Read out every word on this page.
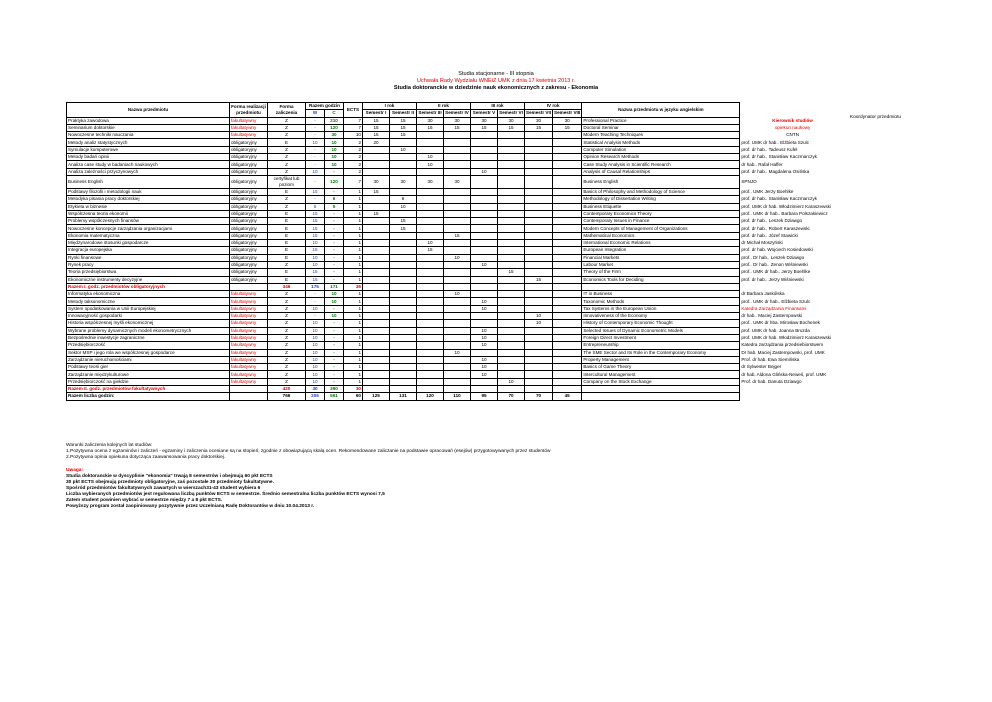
Studia stacjonarne - III stopnia
Uchwała Rady Wydziału WNEiZ UMK z dnia 17 kwietnia 2013 r.
Studia doktoranckie w dziedzinie nauk ekonomicznych z zakresu - Ekonomia
Koordynator przedmiotu
Nazwa przedmiotu	Forma realizacji przedmiotu	Forma zaliczenia	Razem godzin		ECTS	I rok		II rok		III rok		IV rok		Nazwa przedmiotu w języku angielskim	
						Semestr I	Semestr II	Semestr III	Semestr IV	Semestr V	Semestr VI	Semestr VII	Semestr VIII		
			W	C											
Praktyka zawodowa	fakultatywny	Z	-	210	7	15	15	30	30	30	30	30	30	Professional Practice	Kierownik studiów
Seminarium doktorskie	fakultatywny	Z	-	120	7	15	15	15	15	15	15	15	15	Doctoral Seminar	opiekun naukowy
Nowoczesne techniki nauczania	fakultatywny	Z	-	30	10	15	15							Modern Teaching Techniques	CNTN
Metody analiz statystycznych	obligatoryjny	E	10	10	2	20								Statistical Analysis Methods	prof. UMK dr hab.. Elżbieta Szulc
Symulacje komputerowe	obligatoryjny	Z	-	10	2		10							Computer Simulation	prof. dr hab.. Tadeusz Kufel
Metody badań opinii	obligatoryjny	Z	-	10	2			10						Opinion Research Methods	prof. dr hab.. Stanisław Kaczmarczyk
Analiza case study w badaniach naukowych	obligatoryjny	Z	-	10	2			10						Case Study Analysis in Scientific Research	dr hab.. Rafał Haffer
Analiza zależności przyczynowych	obligatoryjny	Z	10	-	2					10				Analysis of Causal Relationships	prof. dr hab.. Magdalena Osińska
Business English	obligatoryjny	certyfikat lub poziom	-	120	7	30	30	30	30					Business English	SPNJO
Podstawy filozofii i metodologii nauk	obligatoryjny	E	15	-	1	15								Basics of Philosophy and Methodology of Science	prof.. UMK Jerzy Boehlke
Metodyka pisania pracy doktorskiej	obligatoryjny	Z	-	6	1		6							Methodology of Dissertation Writing	prof. dr hab.. Stanisław Kaczmarczyk
Etykieta w biznesie	obligatoryjny	Z	5	5	1		10							Business Etiquette	prof. UMK dr hab. Włodzimierz Karaszewski
Współczesna teoria ekonomii	obligatoryjny	E	15	-	1	15								Contemporary Economics Theory	prof.. UMK dr hab.. Barbara Polszakiewicz
Problemy współczesnych finansów	obligatoryjny	E	15	-	1		15							Contemporary Issues in Finance	prof. dr hab.. Leszek Dziawgo
Nowoczesne koncepcje zarządzania organizacjami	obligatoryjny	E	15	-	1		15							Modern Concepts of Management of Organizations	prof. dr hab.. Robert Karaszewski
Ekonomia matematyczna	obligatoryjny	E	15	-	1				15					Mathematical Economics	prof. dr hab.. Józef Stawicki
Międzynarodowe stosunki gospodarcze	obligatoryjny	E	10	-	1			10						International Economic Relations	dr Michał Moszyński
Integracja europejska	obligatoryjny	E	15	-	1			15						European Integration	prof. dr hab. Wojciech Kosiedowski
Rynki finansowe	obligatoryjny	E	10	-	1				10					Financial Markets	prof.. Dr hab.. Leszek Dziawgo
Rynek pracy	obligatoryjny	Z	10	-	1					10				Labour Market	prof.. Dr hab.. Zenon Wiśniewski
Teoria przedsiębiorstwa	obligatoryjny	E	15	-	1						15			Theory of the Firm	prof.. UMK dr hab.. Jerzy Boehlke
Ekonomiczne instrumenty decyzyjne	obligatoryjny	E	15	-	1							15		Economics Tools for Deciding	prof. dr hab.. Jerzy Wiśniewski
Razem I. godz. przedmiotów obligatoryjnych		346	175	171	36										
Informatyka ekonomiczna	fakultatywny	Z	-	10	1				10					IT in Business	dr Barbara Jaskólska
Metody taksonomiczne	fakultatywny	Z	-	10	1					10				Taxonomic Methods	prof.. UMK dr hab.. Elżbieta Szulc
System opodatkowania w Unii Europejskiej	fakultatywny	Z	10	-	1					10				Tax Systems in the European Union	Katedra Zarządzania Finansami
Innowacyjność gospodarki	fakultatywny	Z	-	10	1							10		Innovativeness of the Economy	dr hab.. Maciej Zastempowski
Historia współczesnej myśli ekonomicznej	fakultatywny	Z	10	-	1							10		History of Contemporary Economic Thought	prof.. UMK dr hba. Mirosław Bochenek
Wybrane problemy dynamicznych modeli ekonometrycznych	fakultatywny	Z	10	-	1					10				Selected Issues of Dynamic Econometric Models	prof. UMK dr hab. Joanna Bruzda
Bezpośrednie inwestycje zagraniczne	fakultatywny	Z	10	-	1					10				Foreign Direct Investment	prof. UMK dr hab. Włodzimierz Karaszewski
Przedsiębiorczość	fakultatywny	Z	10	-	1					10				Entrepreneurship	Katedra zarządzania przedsiebiorstwem
Sektor MSP i jego rola we współczesnej gospodarce	fakultatywny	Z	10	-	1				10					The SME Sector and Its Role in the Contemporary Economy	Dr hab. Maciej Zastempowski, prof. UMK
Zarządzanie nieruchomościami	fakultatywny	Z	10	-	1					10				Property Management	Prof. dr hab. Ewa Siemińska
Podstawy teorii gier	fakultatywny	Z	10	-	1					10				Basics of Game Theory	dr Sylwester Bejger
Zarządzanie międzykulturowe	fakultatywny	Z	10	-	1					10				Intercultural Management	dr hab. Aldona Glińska-Neweś, prof. UMK
Przedsiębiorczość na giełdzie	fakultatywny	Z	10	-	1						10			Company on the Stock Exchange	Prof. dr hab. Danuta Dziawgo
Razem II. godz. przedmiotów fakultatywnych		420	30	390	30										
Razem liczba godzin:		766	205	561	60	125	131	120	110	95	70	70	45		
Warunki zaliczenia kolejnych lat studiów:
1.Pozytywna ocena z egzaminów i zaliczeń - egzaminy i zaliczenia oceniane są na stopień, zgodnie z obowiązującą skalą ocen. Rekomendowane zaliczanie na podstawie opracowań (esejów) przygotowywanych przez studentów
2.Pozytywna opinia opiekuna dotycząca zaawansowania pracy doktorskiej.
Uwaga:
Studia doktoranckie w dyscyplinie "ekonomia" trwają 8 semestrów i obejmują 60 pkt ECTS
30 pkt ECTS obejmują przedmioty obligatoryjne, zaś pozostałe 30 przedmioty fakultatywne.
Spośród przedmiotów fakultatywnych zawartych w wierszach31-43 student wybiera 6
Liczba wybieranych przedmiotów jest regulowana liczbą punktów ECTS w semestrze. Średnio semestralna liczba punktów ECTS wynosi 7,5
Zatem student powinien wybrać w semestrze między 7 a 8 pkt ECTS.
Powyższy program został zaopiniowany pozytywnie przez Uczelnianą Radę Doktorantów w dniu 10.04.2013 r.
